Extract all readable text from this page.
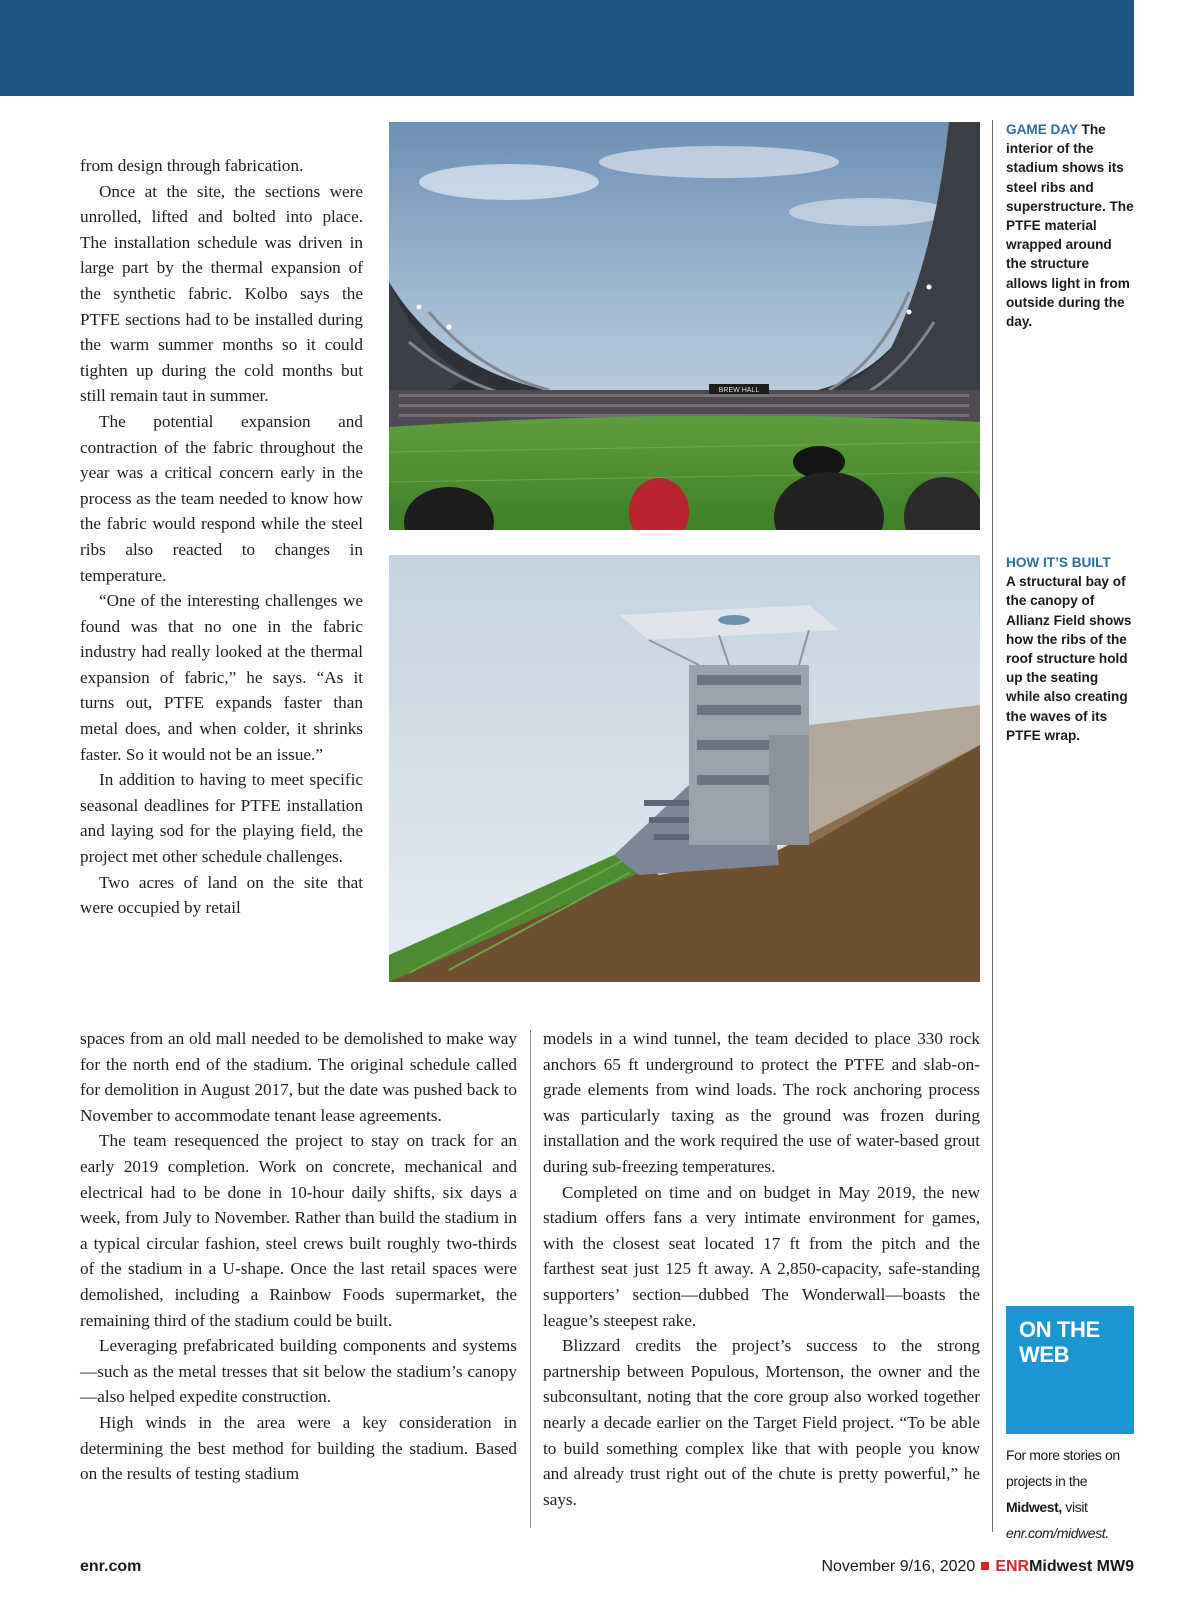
from design through fabrication.

Once at the site, the sections were unrolled, lifted and bolted into place. The installation schedule was driven in large part by the thermal expansion of the synthetic fabric. Kolbo says the PTFE sections had to be installed during the warm summer months so it could tighten up during the cold months but still remain taut in summer.

The potential expansion and contraction of the fabric throughout the year was a critical concern early in the process as the team needed to know how the fabric would respond while the steel ribs also reacted to changes in temperature.

“One of the interesting challenges we found was that no one in the fabric industry had really looked at the thermal expansion of fabric,” he says. “As it turns out, PTFE expands faster than metal does, and when colder, it shrinks faster. So it would not be an issue.”

In addition to having to meet specific seasonal deadlines for PTFE installation and laying sod for the playing field, the project met other schedule challenges.

Two acres of land on the site that were occupied by retail

spaces from an old mall needed to be demolished to make way for the north end of the stadium. The original schedule called for demolition in August 2017, but the date was pushed back to November to accommodate tenant lease agreements.

The team resequenced the project to stay on track for an early 2019 completion. Work on concrete, mechanical and electrical had to be done in 10-hour daily shifts, six days a week, from July to November. Rather than build the stadium in a typical circular fashion, steel crews built roughly two-thirds of the stadium in a U-shape. Once the last retail spaces were demolished, including a Rainbow Foods supermarket, the remaining third of the stadium could be built.

Leveraging prefabricated building components and systems—such as the metal tresses that sit below the stadium’s canopy—also helped expedite construction.

High winds in the area were a key consideration in determining the best method for building the stadium. Based on the results of testing stadium

models in a wind tunnel, the team decided to place 330 rock anchors 65 ft underground to protect the PTFE and slab-on-grade elements from wind loads. The rock anchoring process was particularly taxing as the ground was frozen during installation and the work required the use of water-based grout during sub-freezing temperatures.

Completed on time and on budget in May 2019, the new stadium offers fans a very intimate environment for games, with the closest seat located 17 ft from the pitch and the farthest seat just 125 ft away. A 2,850-capacity, safe-standing supporters’ section—dubbed The Wonderwall—boasts the league’s steepest rake.

Blizzard credits the project’s success to the strong partnership between Populous, Mortenson, the owner and the subconsultant, noting that the core group also worked together nearly a decade earlier on the Target Field project. “To be able to build something complex like that with people you know and already trust right out of the chute is pretty powerful,” he says.

BREW HALL
GAME DAY The interior of the stadium shows its steel ribs and superstructure. The PTFE material wrapped around the structure allows light in from outside during the day.
HOW IT’S BUILT
A structural bay of the canopy of Allianz Field shows how the ribs of the roof structure hold up the seating while also creating the waves of its PTFE wrap.
ON THE
WEB
For more stories on projects in the Midwest, visit enr.com/midwest.
enr.com	November 9/16, 2020 ENRMidwest MW9
